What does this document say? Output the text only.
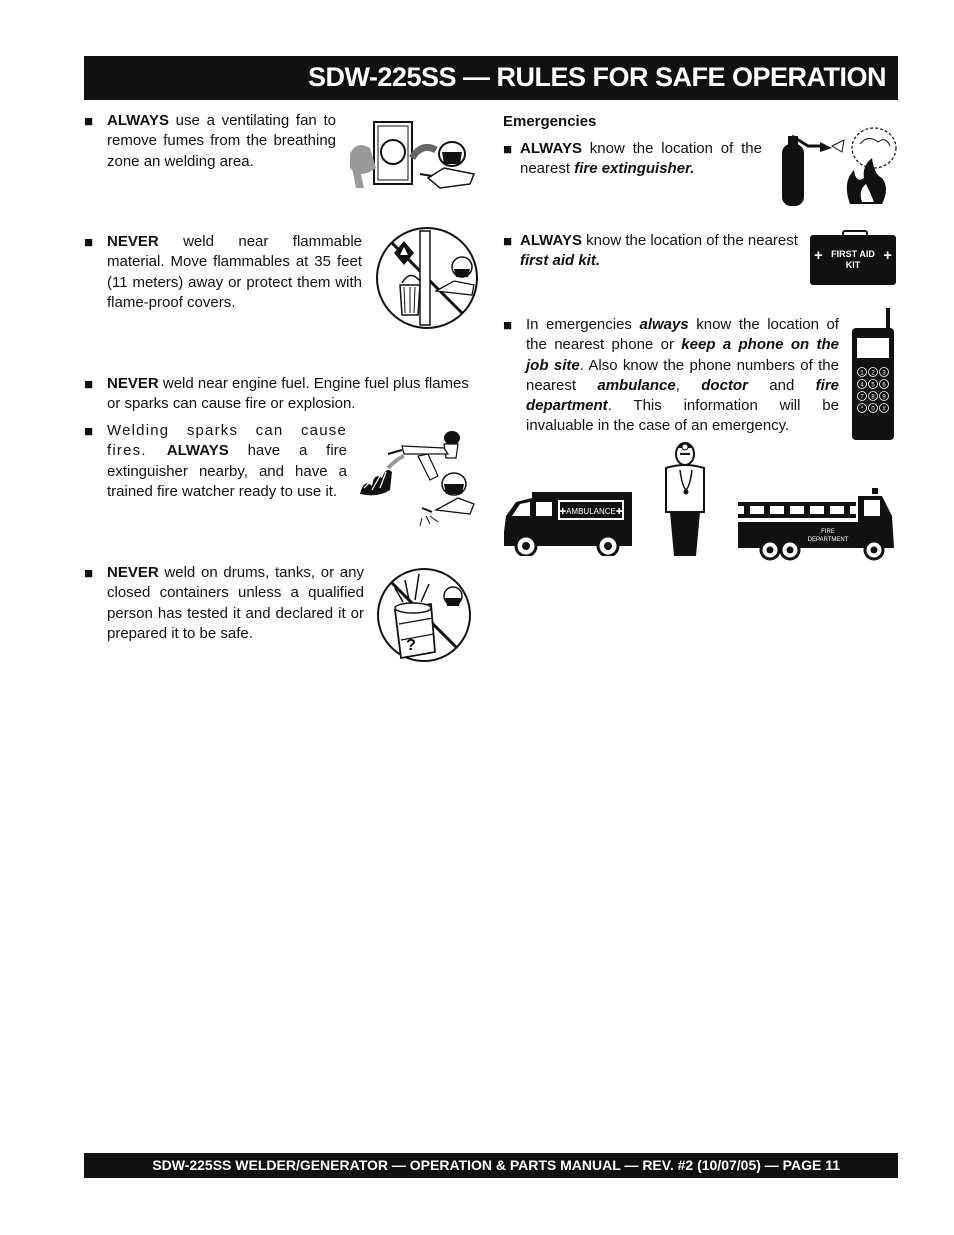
SDW-225SS — RULES FOR SAFE OPERATION
■ ALWAYS use a ventilating fan to remove fumes from the breathing zone an welding area.
■ NEVER weld near flammable material. Move flammables at 35 feet (11 meters) away or protect them with flame-proof covers.
■ NEVER weld near engine fuel. Engine fuel plus flames or sparks can cause fire or explosion.
■ Welding sparks can cause fires. ALWAYS have a fire extinguisher nearby, and have a trained fire watcher ready to use it.
■ NEVER weld on drums, tanks, or any closed containers unless a qualified person has tested it and declared it or prepared it to be safe.
?
Emergencies
■ ALWAYS know the location of the nearest fire extinguisher.
■ ALWAYS know the location of the nearest first aid kit.
■ In emergencies always know the location of the nearest phone or keep a phone on the job site. Also know the phone numbers of the nearest ambulance, doctor and fire department. This information will be invaluable in the case of an emergency.
+	+
FIRST AID
KIT
1 2 3
4 5 6
7 8 9
* 0 #
✚AMBULANCE✚
FIRE
DEPARTMENT
SDW-225SS WELDER/GENERATOR — OPERATION & PARTS MANUAL — REV. #2 (10/07/05) — PAGE 11
